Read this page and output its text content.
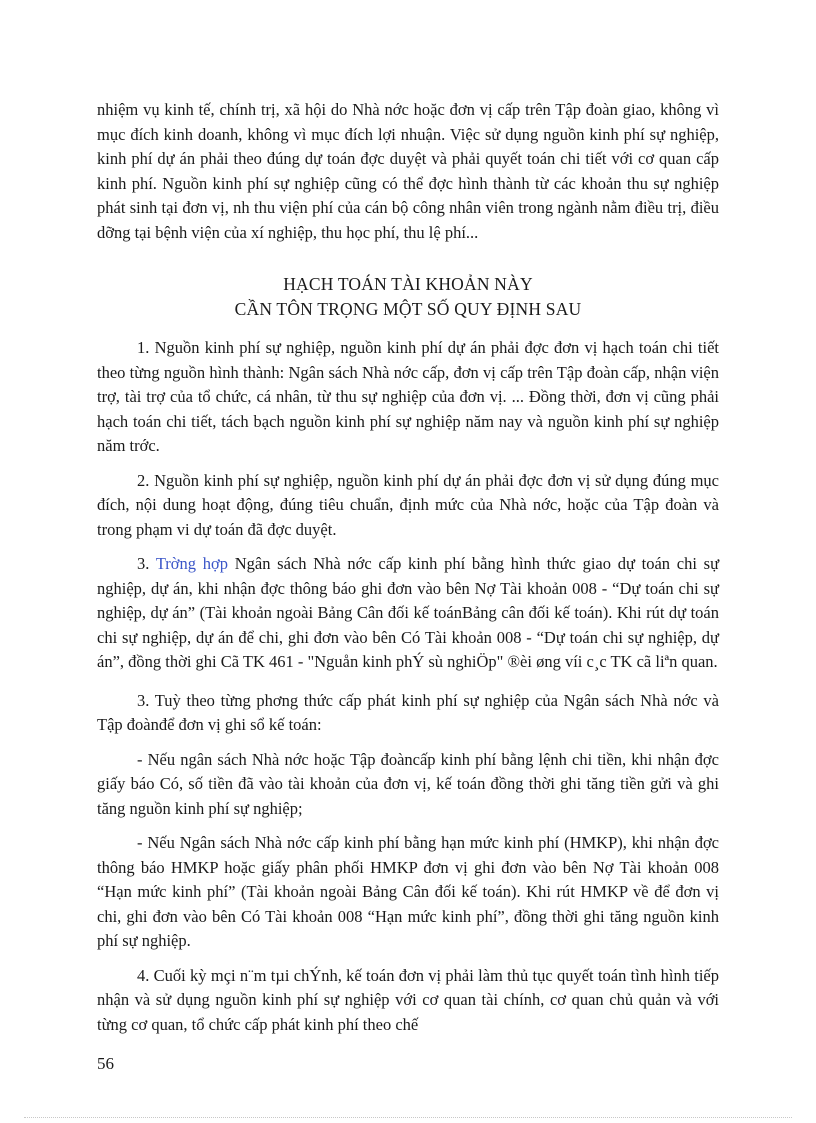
nhiệm vụ kinh tế, chính trị, xã hội do Nhà nớc hoặc đơn vị cấp trên Tập đoàn giao, không vì mục đích kinh doanh, không vì mục đích lợi nhuận. Việc sử dụng nguồn kinh phí sự nghiệp, kinh phí dự án phải theo đúng dự toán đợc duyệt và phải quyết toán chi tiết với cơ quan cấp kinh phí. Nguồn kinh phí sự nghiệp cũng có thể đợc hình thành từ các khoản thu sự nghiệp phát sinh tại đơn vị, nh thu viện phí của cán bộ công nhân viên trong ngành nằm điều trị, điều dỡng tại bệnh viện của xí nghiệp, thu học phí, thu lệ phí...

HẠCH TOÁN TÀI KHOẢN NÀY
CẦN TÔN TRỌNG MỘT SỐ QUY ĐỊNH SAU

1. Nguồn kinh phí sự nghiệp, nguồn kinh phí dự án phải đợc đơn vị hạch toán chi tiết theo từng nguồn hình thành: Ngân sách Nhà nớc cấp, đơn vị cấp trên Tập đoàn cấp, nhận viện trợ, tài trợ của tổ chức, cá nhân, từ thu sự nghiệp của đơn vị. ... Đồng thời, đơn vị cũng phải hạch toán chi tiết, tách bạch nguồn kinh phí sự nghiệp năm nay và nguồn kinh phí sự nghiệp năm trớc.

2. Nguồn kinh phí sự nghiệp, nguồn kinh phí dự án phải đợc đơn vị sử dụng đúng mục đích, nội dung hoạt động, đúng tiêu chuẩn, định mức của Nhà nớc, hoặc của Tập đoàn và trong phạm vi dự toán đã đợc duyệt.

3. Trờng hợp Ngân sách Nhà nớc cấp kinh phí bằng hình thức giao dự toán chi sự nghiệp, dự án, khi nhận đợc thông báo ghi đơn vào bên Nợ Tài khoản 008 - “Dự toán chi sự nghiệp, dự án” (Tài khoản ngoài Bảng Cân đối kế toánBảng cân đối kế toán). Khi rút dự toán chi sự nghiệp, dự án để chi, ghi đơn vào bên Có Tài khoản 008 - “Dự toán chi sự nghiệp, dự án”, đồng thời ghi Cã TK 461 - "Nguån kinh phÝ sù nghiÖp" ®èi øng víi c¸c TK cã liªn quan.

3. Tuỳ theo từng phơng thức cấp phát kinh phí sự nghiệp của Ngân sách Nhà nớc và Tập đoànđể đơn vị ghi sổ kế toán:

- Nếu ngân sách Nhà nớc hoặc Tập đoàncấp kinh phí bằng lệnh chi tiền, khi nhận đợc giấy báo Có, số tiền đã vào tài khoản của đơn vị, kế toán đồng thời ghi tăng tiền gửi và ghi tăng nguồn kinh phí sự nghiệp;

- Nếu Ngân sách Nhà nớc cấp kinh phí bằng hạn mức kinh phí (HMKP), khi nhận đợc thông báo HMKP hoặc giấy phân phối HMKP đơn vị ghi đơn vào bên Nợ Tài khoản 008 “Hạn mức kinh phí” (Tài khoản ngoài Bảng Cân đối kế toán). Khi rút HMKP về để đơn vị chi, ghi đơn vào bên Có Tài khoản 008 “Hạn mức kinh phí”, đồng thời ghi tăng nguồn kinh phí sự nghiệp.

4. Cuối kỳ mçi n¨m tµi chÝnh, kế toán đơn vị phải làm thủ tục quyết toán tình hình tiếp nhận và sử dụng nguồn kinh phí sự nghiệp với cơ quan tài chính, cơ quan chủ quản và với từng cơ quan, tổ chức cấp phát kinh phí theo chế

56
